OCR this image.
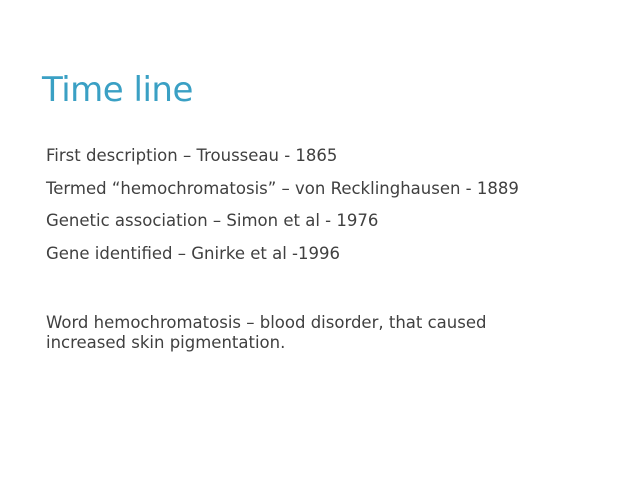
Time line

First description – Trousseau - 1865

Termed “hemochromatosis” – von Recklinghausen - 1889

Genetic association – Simon et al - 1976

Gene identified – Gnirke et al -1996

Word hemochromatosis – blood disorder, that caused increased skin pigmentation.
